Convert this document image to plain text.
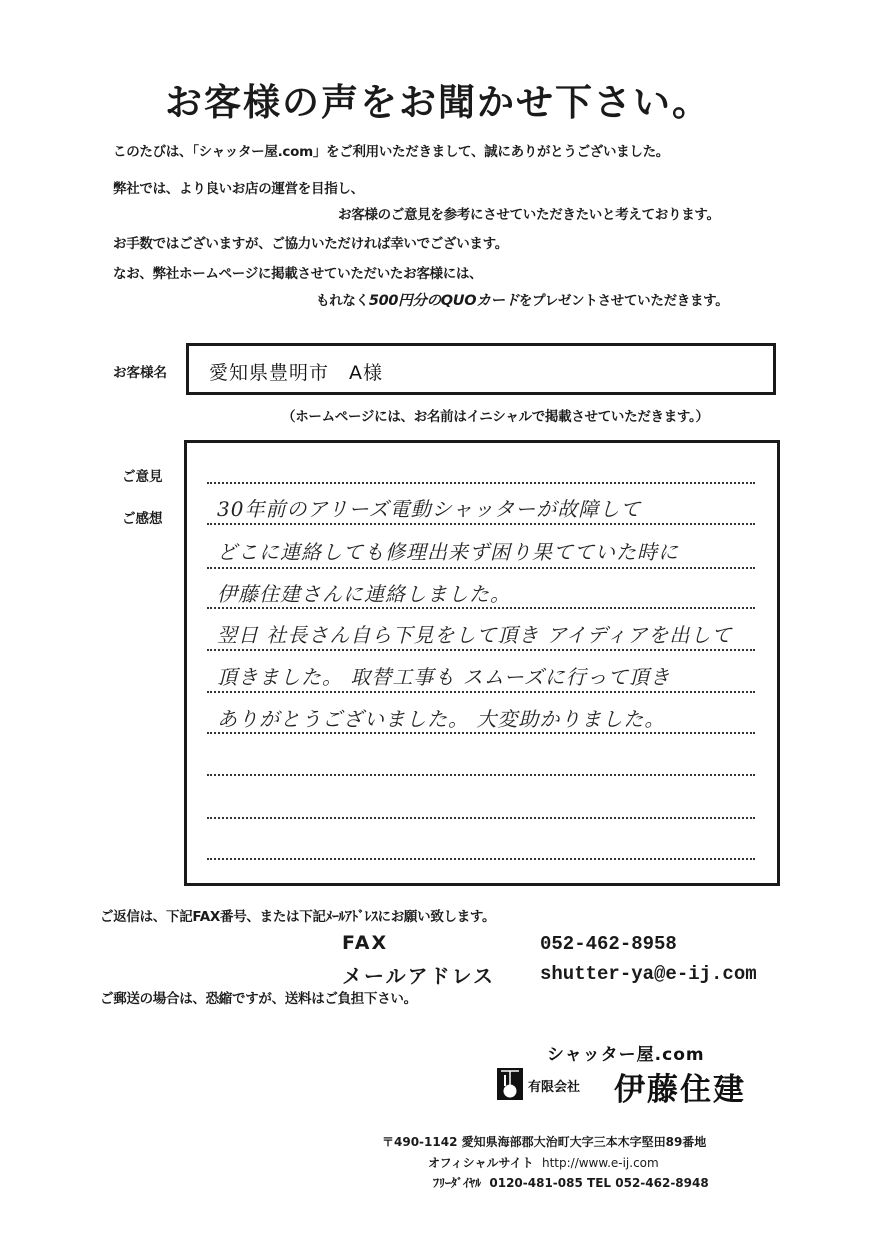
お客様の声をお聞かせ下さい。
このたびは、「シャッター屋.com」をご利用いただきまして、誠にありがとうございました。
弊社では、より良いお店の運営を目指し、
お客様のご意見を参考にさせていただきたいと考えております。
お手数ではございますが、ご協力いただければ幸いでございます。
なお、弊社ホームページに掲載させていただいたお客様には、
もれなく500円分のQUOカードをプレゼントさせていただきます。
お客様名 愛知県豊明市　A様
（ホームページには、お名前はイニシャルで掲載させていただきます。）
ご意見
ご感想	30年前のアリーズ電動シャッターが故障して
どこに連絡しても修理出来ず困り果てていた時に
伊藤住建さんに連絡しました。
翌日 社長さん自ら下見をして頂き アイディアを出して
頂きました。 取替工事も スムーズに行って頂き
ありがとうございました。 大変助かりました。
ご返信は、下記FAX番号、または下記ﾒｰﾙｱﾄﾞﾚｽにお願い致します。
FAX	052-462-8958
メールアドレス shutter-ya@e-ij.com
ご郵送の場合は、恐縮ですが、送料はご負担下さい。
シャッター屋.com
有限会社 伊藤住建
〒490-1142 愛知県海部郡大治町大字三本木字堅田89番地
オフィシャルサイト http://www.e-ij.com
ﾌﾘｰﾀﾞｲﾔﾙ 0120-481-085 TEL 052-462-8948
